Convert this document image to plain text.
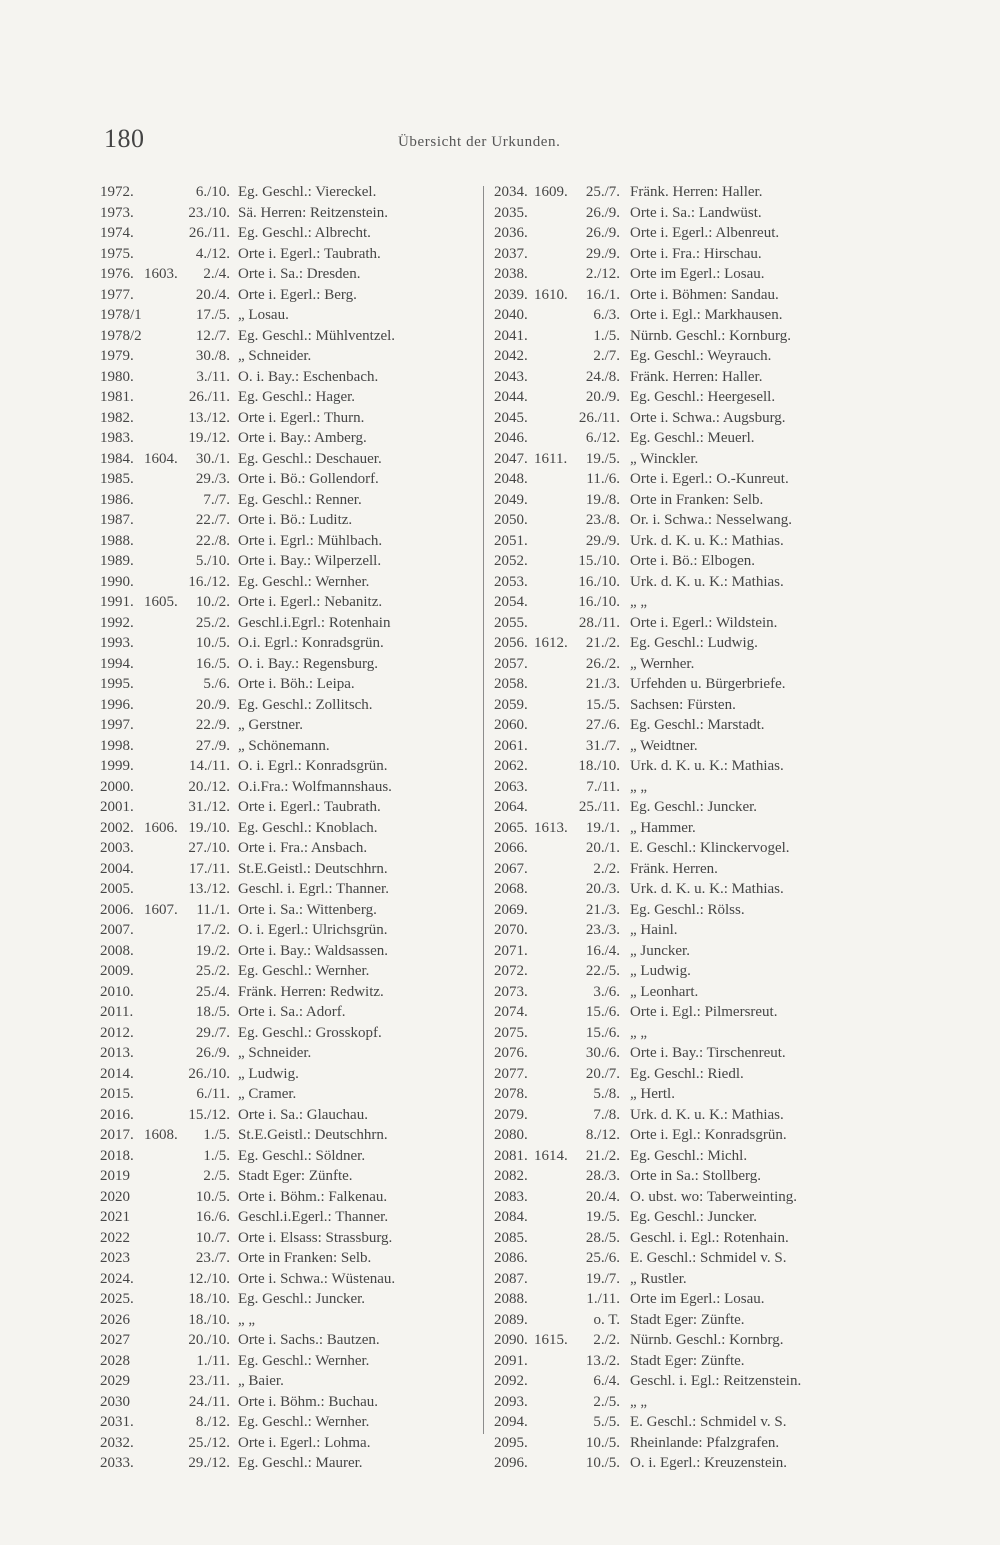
180	Übersicht der Urkunden.
1972.	6./10. Eg. Geschl.: Viereckel.
1973.	23./10. Sä. Herren: Reitzenstein.
1974.	26./11. Eg. Geschl.: Albrecht.
1975.	4./12. Orte i. Egerl.: Taubrath.
1976. 1603.	2./4. Orte i. Sa.: Dresden.
1977.	20./4. Orte i. Egerl.: Berg.
1978/1	17./5. „ Losau.
1978/2	12./7. Eg. Geschl.: Mühlventzel.
1979.	30./8. „ Schneider.
1980.	3./11. O. i. Bay.: Eschenbach.
1981.	26./11. Eg. Geschl.: Hager.
1982.	13./12. Orte i. Egerl.: Thurn.
1983.	19./12. Orte i. Bay.: Amberg.
1984. 1604.	30./1. Eg. Geschl.: Deschauer.
1985.	29./3. Orte i. Bö.: Gollendorf.
1986.	7./7. Eg. Geschl.: Renner.
1987.	22./7. Orte i. Bö.: Luditz.
1988.	22./8. Orte i. Egrl.: Mühlbach.
1989.	5./10. Orte i. Bay.: Wilperzell.
1990.	16./12. Eg. Geschl.: Wernher.
1991. 1605.	10./2. Orte i. Egerl.: Nebanitz.
1992.	25./2. Geschl.i.Egrl.: Rotenhain
1993.	10./5. O.i. Egrl.: Konradsgrün.
1994.	16./5. O. i. Bay.: Regensburg.
1995.	5./6. Orte i. Böh.: Leipa.
1996.	20./9. Eg. Geschl.: Zollitsch.
1997.	22./9. „ Gerstner.
1998.	27./9. „ Schönemann.
1999.	14./11. O. i. Egrl.: Konradsgrün.
2000.	20./12. O.i.Fra.: Wolfmannshaus.
2001.	31./12. Orte i. Egerl.: Taubrath.
2002. 1606. 19./10. Eg. Geschl.: Knoblach.
2003.	27./10. Orte i. Fra.: Ansbach.
2004.	17./11. St.E.Geistl.: Deutschhrn.
2005.	13./12. Geschl. i. Egrl.: Thanner.
2006. 1607.	11./1. Orte i. Sa.: Wittenberg.
2007.	17./2. O. i. Egerl.: Ulrichsgrün.
2008.	19./2. Orte i. Bay.: Waldsassen.
2009.	25./2. Eg. Geschl.: Wernher.
2010.	25./4. Fränk. Herren: Redwitz.
2011.	18./5. Orte i. Sa.: Adorf.
2012.	29./7. Eg. Geschl.: Grosskopf.
2013.	26./9. „ Schneider.
2014.	26./10. „ Ludwig.
2015.	6./11. „ Cramer.
2016.	15./12. Orte i. Sa.: Glauchau.
2017. 1608.	1./5. St.E.Geistl.: Deutschhrn.
2018.	1./5. Eg. Geschl.: Söldner.
2019	2./5. Stadt Eger: Zünfte.
2020	10./5. Orte i. Böhm.: Falkenau.
2021	16./6. Geschl.i.Egerl.: Thanner.
2022	10./7. Orte i. Elsass: Strassburg.
2023	23./7. Orte in Franken: Selb.
2024.	12./10. Orte i. Schwa.: Wüstenau.
2025.	18./10. Eg. Geschl.: Juncker.
2026	18./10. „ „
2027	20./10. Orte i. Sachs.: Bautzen.
2028	1./11. Eg. Geschl.: Wernher.
2029	23./11. „ Baier.
2030	24./11. Orte i. Böhm.: Buchau.
2031.	8./12. Eg. Geschl.: Wernher.
2032.	25./12. Orte i. Egerl.: Lohma.
2033.	29./12. Eg. Geschl.: Maurer.
2034. 1609.	25./7. Fränk. Herren: Haller.
2035.	26./9. Orte i. Sa.: Landwüst.
2036.	26./9. Orte i. Egerl.: Albenreut.
2037.	29./9. Orte i. Fra.: Hirschau.
2038.	2./12. Orte im Egerl.: Losau.
2039. 1610.	16./1. Orte i. Böhmen: Sandau.
2040.	6./3. Orte i. Egl.: Markhausen.
2041.	1./5. Nürnb. Geschl.: Kornburg.
2042.	2./7. Eg. Geschl.: Weyrauch.
2043.	24./8. Fränk. Herren: Haller.
2044.	20./9. Eg. Geschl.: Heergesell.
2045.	26./11. Orte i. Schwa.: Augsburg.
2046.	6./12. Eg. Geschl.: Meuerl.
2047. 1611.	19./5. „ Winckler.
2048.	11./6. Orte i. Egerl.: O.-Kunreut.
2049.	19./8. Orte in Franken: Selb.
2050.	23./8. Or. i. Schwa.: Nesselwang.
2051.	29./9. Urk. d. K. u. K.: Mathias.
2052.	15./10. Orte i. Bö.: Elbogen.
2053.	16./10. Urk. d. K. u. K.: Mathias.
2054.	16./10. „ „
2055.	28./11. Orte i. Egerl.: Wildstein.
2056. 1612.	21./2. Eg. Geschl.: Ludwig.
2057.	26./2. „ Wernher.
2058.	21./3. Urfehden u. Bürgerbriefe.
2059.	15./5. Sachsen: Fürsten.
2060.	27./6. Eg. Geschl.: Marstadt.
2061.	31./7. „ Weidtner.
2062.	18./10. Urk. d. K. u. K.: Mathias.
2063.	7./11. „ „
2064.	25./11. Eg. Geschl.: Juncker.
2065. 1613.	19./1. „ Hammer.
2066.	20./1. E. Geschl.: Klinckervogel.
2067.	2./2. Fränk. Herren.
2068.	20./3. Urk. d. K. u. K.: Mathias.
2069.	21./3. Eg. Geschl.: Rölss.
2070.	23./3. „ Hainl.
2071.	16./4. „ Juncker.
2072.	22./5. „ Ludwig.
2073.	3./6. „ Leonhart.
2074.	15./6. Orte i. Egl.: Pilmersreut.
2075.	15./6. „ „
2076.	30./6. Orte i. Bay.: Tirschenreut.
2077.	20./7. Eg. Geschl.: Riedl.
2078.	5./8. „ Hertl.
2079.	7./8. Urk. d. K. u. K.: Mathias.
2080.	8./12. Orte i. Egl.: Konradsgrün.
2081. 1614.	21./2. Eg. Geschl.: Michl.
2082.	28./3. Orte in Sa.: Stollberg.
2083.	20./4. O. ubst. wo: Taberweinting.
2084.	19./5. Eg. Geschl.: Juncker.
2085.	28./5. Geschl. i. Egl.: Rotenhain.
2086.	25./6. E. Geschl.: Schmidel v. S.
2087.	19./7. „ Rustler.
2088.	1./11. Orte im Egerl.: Losau.
2089.	o. T. Stadt Eger: Zünfte.
2090. 1615.	2./2. Nürnb. Geschl.: Kornbrg.
2091.	13./2. Stadt Eger: Zünfte.
2092.	6./4. Geschl. i. Egl.: Reitzenstein.
2093.	2./5. „ „
2094.	5./5. E. Geschl.: Schmidel v. S.
2095.	10./5. Rheinlande: Pfalzgrafen.
2096.	10./5. O. i. Egerl.: Kreuzenstein.
